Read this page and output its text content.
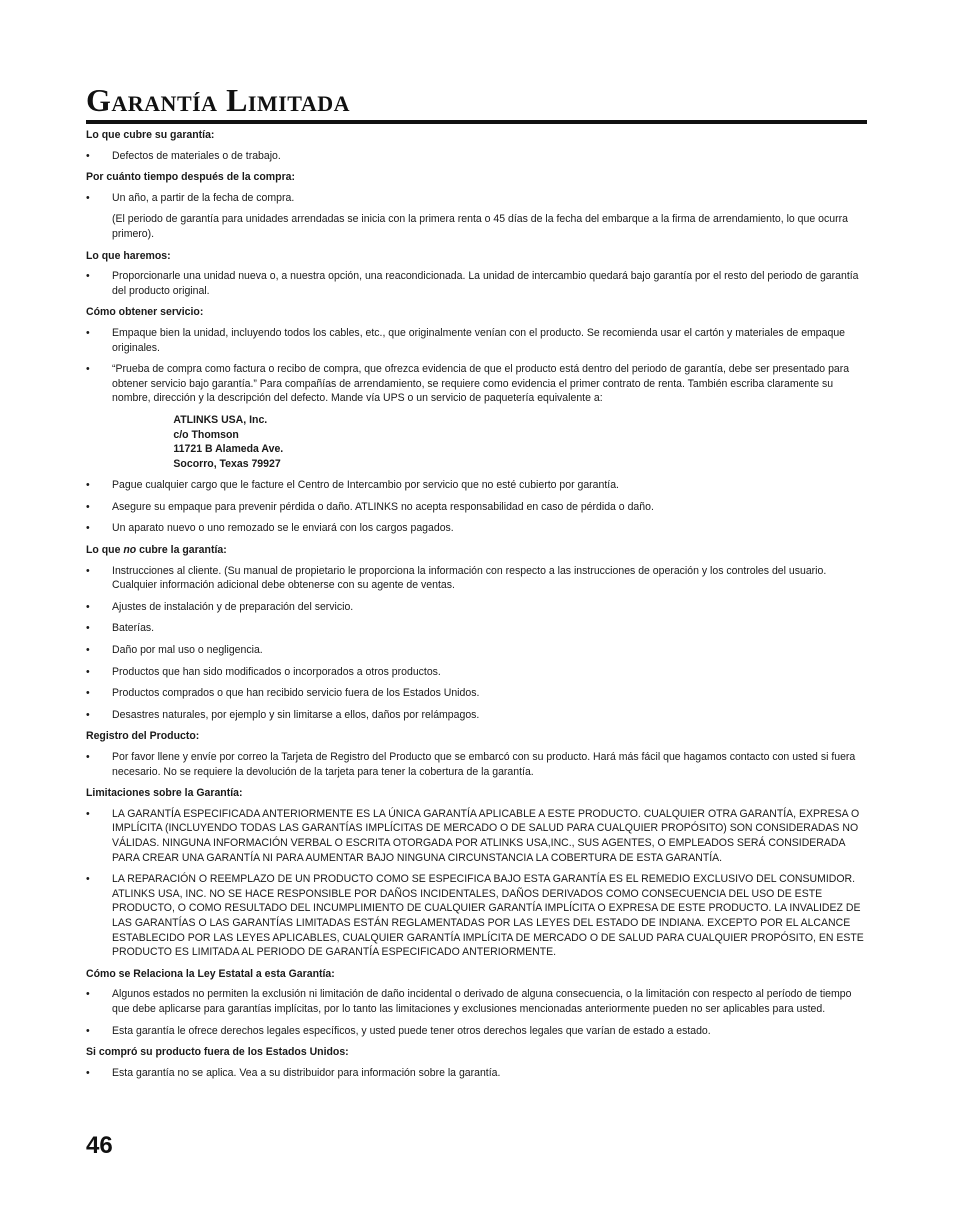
Garantía Limitada

Lo que cubre su garantía:

• Defectos de materiales o de trabajo.

Por cuánto tiempo después de la compra:

• Un año, a partir de la fecha de compra.

(El periodo de garantía para unidades arrendadas se inicia con la primera renta o 45 días de la fecha del embarque a la firma de arrendamiento, lo que ocurra primero).

Lo que haremos:

• Proporcionarle una unidad nueva o, a nuestra opción, una reacondicionada. La unidad de intercambio quedará bajo garantía por el resto del periodo de garantía del producto original.

Cómo obtener servicio:

• Empaque bien la unidad, incluyendo todos los cables, etc., que originalmente venían con el producto. Se recomienda usar el cartón y materiales de empaque originales.

• “Prueba de compra como factura o recibo de compra, que ofrezca evidencia de que el producto está dentro del periodo de garantía, debe ser presentado para obtener servicio bajo garantía.” Para compañías de arrendamiento, se requiere como evidencia el primer contrato de renta. También escriba claramente su nombre, dirección y la descripción del defecto. Mande vía UPS o un servicio de paquetería equivalente a:

ATLINKS USA, Inc.
c/o Thomson
11721 B Alameda Ave.
Socorro, Texas 79927

• Pague cualquier cargo que le facture el Centro de Intercambio por servicio que no esté cubierto por garantía.

• Asegure su empaque para prevenir pérdida o daño. ATLINKS no acepta responsabilidad en caso de pérdida o daño.

• Un aparato nuevo o uno remozado se le enviará con los cargos pagados.

Lo que no cubre la garantía:

• Instrucciones al cliente. (Su manual de propietario le proporciona la información con respecto a las instrucciones de operación y los controles del usuario. Cualquier información adicional debe obtenerse con su agente de ventas.

• Ajustes de instalación y de preparación del servicio.

• Baterías.

• Daño por mal uso o negligencia.

• Productos que han sido modificados o incorporados a otros productos.

• Productos comprados o que han recibido servicio fuera de los Estados Unidos.

• Desastres naturales, por ejemplo y sin limitarse a ellos, daños por relámpagos.

Registro del Producto:

• Por favor llene y envíe por correo la Tarjeta de Registro del Producto que se embarcó con su producto. Hará más fácil que hagamos contacto con usted si fuera necesario. No se requiere la devolución de la tarjeta para tener la cobertura de la garantía.

Limitaciones sobre la Garantía:

• LA GARANTÍA ESPECIFICADA ANTERIORMENTE ES LA ÚNICA GARANTÍA APLICABLE A ESTE PRODUCTO. CUALQUIER OTRA GARANTÍA, EXPRESA O IMPLÍCITA (INCLUYENDO TODAS LAS GARANTÍAS IMPLÍCITAS DE MERCADO O DE SALUD PARA CUALQUIER PROPÓSITO) SON CONSIDERADAS NO VÁLIDAS. NINGUNA INFORMACIÓN VERBAL O ESCRITA OTORGADA POR ATLINKS USA,INC., SUS AGENTES, O EMPLEADOS SERÁ CONSIDERADA PARA CREAR UNA GARANTÍA NI PARA AUMENTAR BAJO NINGUNA CIRCUNSTANCIA LA COBERTURA DE ESTA GARANTÍA.

• LA REPARACIÓN O REEMPLAZO DE UN PRODUCTO COMO SE ESPECIFICA BAJO ESTA GARANTÍA ES EL REMEDIO EXCLUSIVO DEL CONSUMIDOR. ATLINKS USA, INC. NO SE HACE RESPONSIBLE POR DAÑOS INCIDENTALES, DAÑOS DERIVADOS COMO CONSECUENCIA DEL USO DE ESTE PRODUCTO, O COMO RESULTADO DEL INCUMPLIMIENTO DE CUALQUIER GARANTÍA IMPLÍCITA O EXPRESA DE ESTE PRODUCTO. LA INVALIDEZ DE LAS GARANTÍAS O LAS GARANTÍAS LIMITADAS ESTÁN REGLAMENTADAS POR LAS LEYES DEL ESTADO DE INDIANA. EXCEPTO POR EL ALCANCE ESTABLECIDO POR LAS LEYES APLICABLES, CUALQUIER GARANTÍA IMPLÍCITA DE MERCADO O DE SALUD PARA CUALQUIER PROPÓSITO, EN ESTE PRODUCTO ES LIMITADA AL PERIODO DE GARANTÍA ESPECIFICADO ANTERIORMENTE.

Cómo se Relaciona la Ley Estatal a esta Garantía:

• Algunos estados no permiten la exclusión ni limitación de daño incidental o derivado de alguna consecuencia, o la limitación con respecto al período de tiempo que debe aplicarse para garantías implícitas, por lo tanto las limitaciones y exclusiones mencionadas anteriormente pueden no ser aplicables para usted.

• Esta garantía le ofrece derechos legales específicos, y usted puede tener otros derechos legales que varían de estado a estado.

Si compró su producto fuera de los Estados Unidos:

• Esta garantía no se aplica. Vea a su distribuidor para información sobre la garantía.

46
